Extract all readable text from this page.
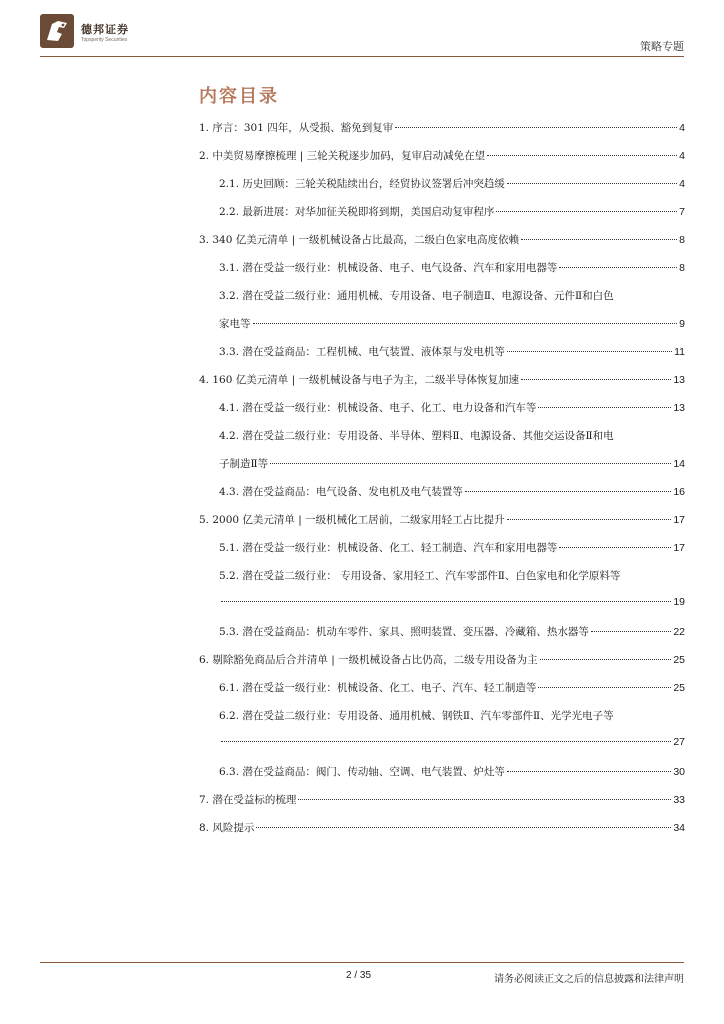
德邦证券
Topsperity Securities	策略专题
内容目录
1. 序言：301 四年，从受损、豁免到复审	4
2. 中美贸易摩擦梳理 | 三轮关税逐步加码，复审启动减免在望	4
2.1. 历史回顾：三轮关税陆续出台，经贸协议签署后冲突趋缓	4
2.2. 最新进展：对华加征关税即将到期，美国启动复审程序	7
3. 340 亿美元清单 | 一级机械设备占比最高，二级白色家电高度依赖	8
3.1. 潜在受益一级行业：机械设备、电子、电气设备、汽车和家用电器等	8
3.2. 潜在受益二级行业：通用机械、专用设备、电子制造Ⅱ、电源设备、元件Ⅱ和白色
家电等	9
3.3. 潜在受益商品：工程机械、电气装置、液体泵与发电机等	11
4. 160 亿美元清单 | 一级机械设备与电子为主，二级半导体恢复加速	13
4.1. 潜在受益一级行业：机械设备、电子、化工、电力设备和汽车等	13
4.2. 潜在受益二级行业：专用设备、半导体、塑料Ⅱ、电源设备、其他交运设备Ⅱ和电
子制造Ⅱ等	14
4.3. 潜在受益商品：电气设备、发电机及电气装置等	16
5. 2000 亿美元清单 | 一级机械化工居前，二级家用轻工占比提升	17
5.1. 潜在受益一级行业：机械设备、化工、轻工制造、汽车和家用电器等	17
5.2. 潜在受益二级行业： 专用设备、家用轻工、汽车零部件Ⅱ、白色家电和化学原料等
19
5.3. 潜在受益商品：机动车零件、家具、照明装置、变压器、冷藏箱、热水器等	22
6. 剔除豁免商品后合并清单 | 一级机械设备占比仍高，二级专用设备为主	25
6.1. 潜在受益一级行业：机械设备、化工、电子、汽车、轻工制造等	25
6.2. 潜在受益二级行业：专用设备、通用机械、钢铁Ⅱ、汽车零部件Ⅱ、光学光电子等
27
6.3. 潜在受益商品：阀门、传动轴、空调、电气装置、炉灶等	30
7. 潜在受益标的梳理	33
8. 风险提示	34
2 / 35	请务必阅读正文之后的信息披露和法律声明
